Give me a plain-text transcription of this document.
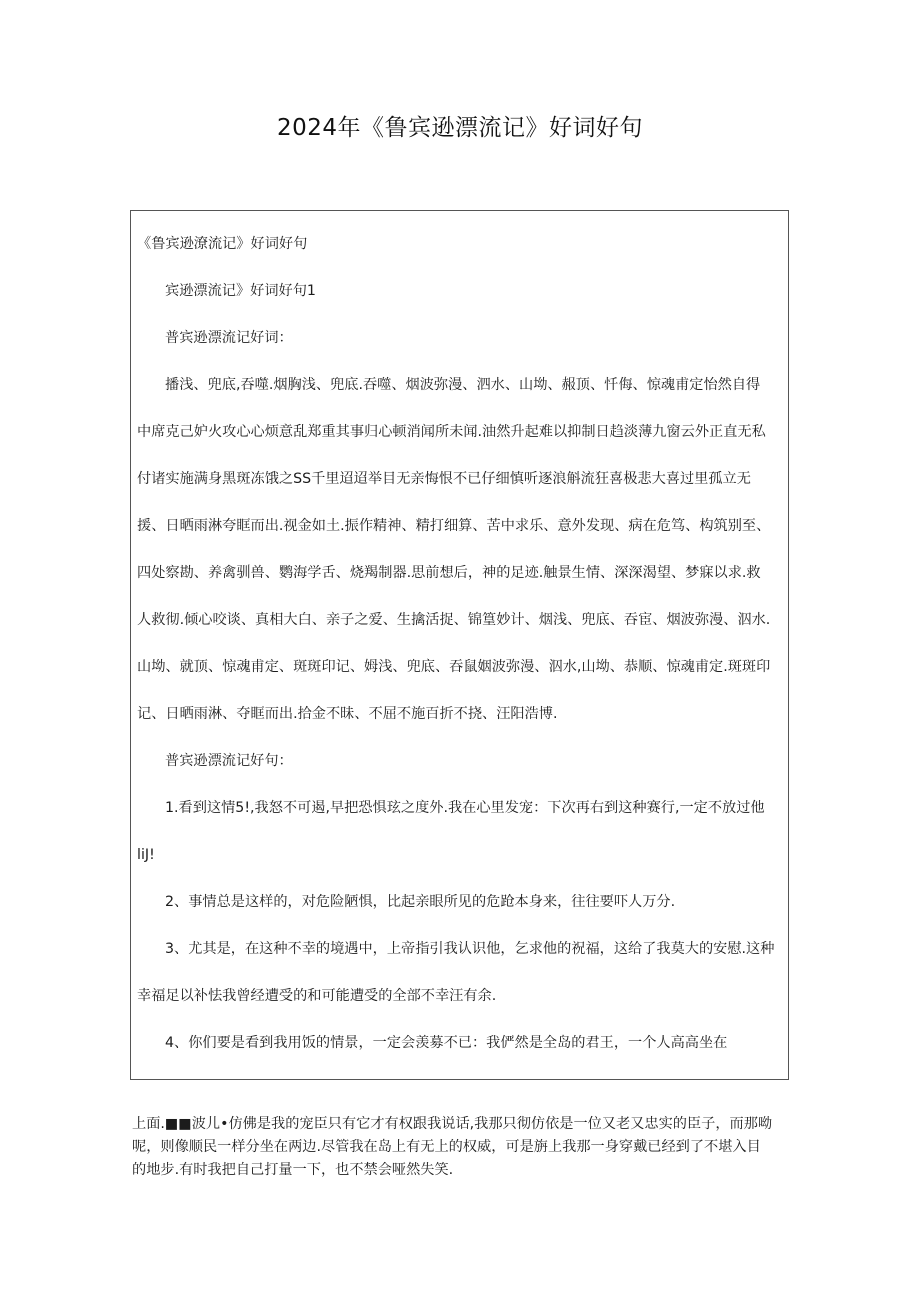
2024年《鲁宾逊漂流记》好词好句
《鲁宾逊潦流记》好词好句
宾逊漂流记》好词好句1
普宾逊漂流记好词：
播浅、兜底,吞噬.烟胸浅、兜底.吞噬、烟波弥漫、泗水、山坳、赧顶、忏侮、惊魂甫定怡然自得
中席克己妒火攻心心烦意乱郑重其事归心顿消闻所未闻.油然升起难以抑制日趋淡薄九窗云外正直无私
付诸实施满身黑斑冻饿之SS千里迢迢举目无亲悔恨不已仔细慎听逐浪斛流狂喜极悲大喜过里孤立无
援、日晒雨淋夸眶而出.视金如土.振作精神、精打细算、苦中求乐、意外发现、病在危笃、构筑别至、
四处察勘、养禽驯兽、鹦海学舌、烧羯制器.思前想后，神的足迹.触景生情、深深渴望、梦寐以求.救
人救彻.倾心咬谈、真相大白、亲子之爱、生擒活捉、锦篁妙计、烟浅、兜底、吞宦、烟波弥漫、泅水.
山坳、就顶、惊魂甫定、斑斑印记、姆浅、兜底、吞鼠姻波弥漫、泅水,山坳、恭顺、惊魂甫定.斑斑印
记、日晒雨淋、夺眶而出.拾金不昧、不屈不施百折不挠、汪阳浩博.
普宾逊漂流记好句：
1.看到这情5!,我怒不可遏,早把恐惧玹之度外.我在心里发宠：下次再右到这种赛行,一定不放过他
liJ!
2、事情总是这样的，对危险陋惧，比起亲眼所见的危跄本身来，往往要吓人万分.
3、尤其是，在这种不幸的境遇中，上帝指引我认识他，乞求他的祝福，这给了我莫大的安慰.这种
幸福足以补怯我曾经遭受的和可能遭受的全部不幸汪有余.
4、你们要是看到我用饭的情景，一定会羡募不已：我俨然是全岛的君王，一个人高高坐在
上面.■■波儿•仿佛是我的宠臣只有它才有权跟我说话,我那只彻仿依是一位又老又忠实的臣子，而那呦
呢，则像顺民一样分坐在两边.尽管我在岛上有无上的权威，可是旃上我那一身穿戴已经到了不堪入目
的地步.有时我把自己打量一下，也不禁会哑然失笑.
